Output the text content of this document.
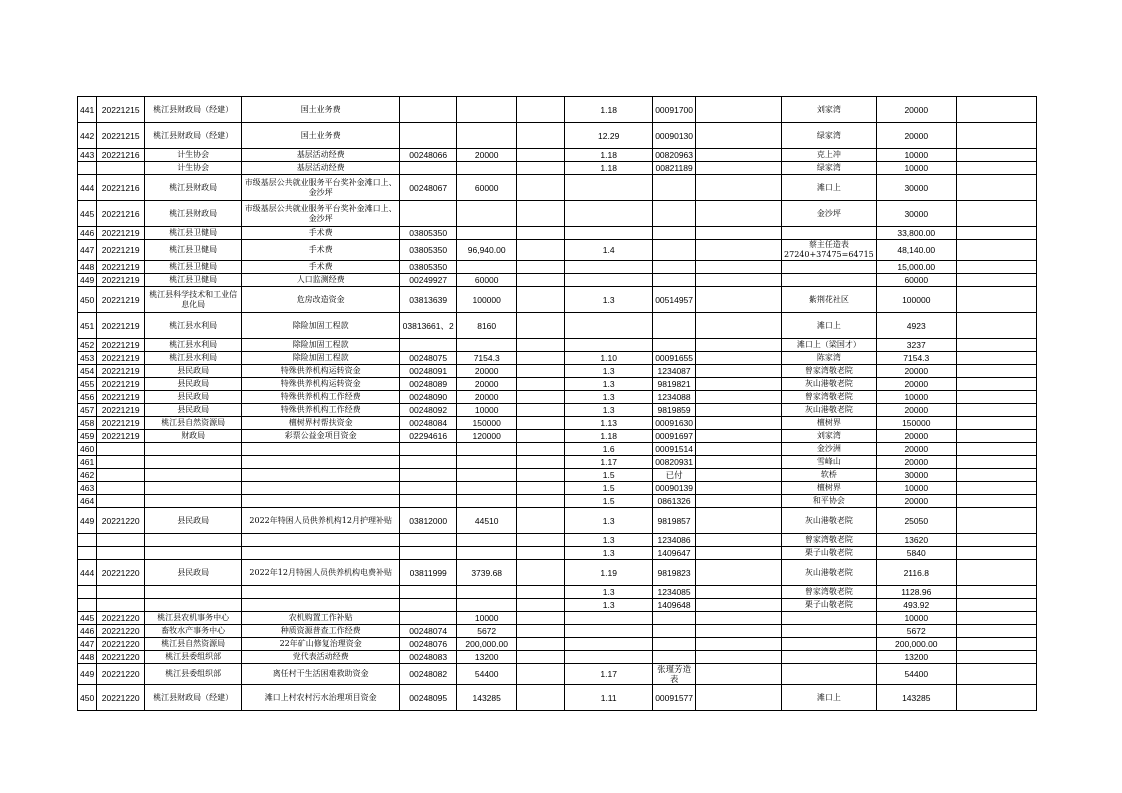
441	20221215	桃江县财政局（经建）	国土业务费				1.18	00091700		刘家湾	20000	
442	20221215	桃江县财政局（经建）	国土业务费				12.29	00090130		绿家湾	20000	
443	20221216	计生协会	基层活动经费	00248066	20000		1.18	00820963		克上冲	10000	
		计生协会	基层活动经费				1.18	00821189		绿家湾	10000	
444	20221216	桃江县财政局	市级基层公共就业服务平台奖补金滩口上、金沙坪	00248067	60000					滩口上	30000	
445	20221216	桃江县财政局	市级基层公共就业服务平台奖补金滩口上、金沙坪							金沙坪	30000	
446	20221219	桃江县卫健局	手术费	03805350							33,800.00	
447	20221219	桃江县卫健局	手术费	03805350	96,940.00		1.4			蔡主任造表 27240+37475=64715	48,140.00	
448	20221219	桃江县卫健局	手术费	03805350							15,000.00	
449	20221219	桃江县卫健局	人口监测经费	00249927	60000						60000	
450	20221219	桃江县科学技术和工业信息化局	危房改造资金	03813639	100000		1.3	00514957		紫荆花社区	100000	
451	20221219	桃江县水利局	除险加固工程款	03813661、2	8160					滩口上	4923	
452	20221219	桃江县水利局	除险加固工程款							滩口上（梁国才）	3237	
453	20221219	桃江县水利局	除险加固工程款	00248075	7154.3		1.10	00091655		陈家湾	7154.3	
454	20221219	县民政局	特殊供养机构运转资金	00248091	20000		1.3	1234087		曾家湾敬老院	20000	
455	20221219	县民政局	特殊供养机构运转资金	00248089	20000		1.3	9819821		灰山港敬老院	20000	
456	20221219	县民政局	特殊供养机构工作经费	00248090	20000		1.3	1234088		曾家湾敬老院	10000	
457	20221219	县民政局	特殊供养机构工作经费	00248092	10000		1.3	9819859		灰山港敬老院	20000	
458	20221219	桃江县自然资源局	檀树界村帮扶资金	00248084	150000		1.13	00091630		檀树界	150000	
459	20221219	财政局	彩票公益金项目资金	02294616	120000		1.18	00091697		刘家湾	20000	
460							1.6	00091514		金沙洲	20000	
461							1.17	00820931		雪峰山	20000	
462							1.5	已付		软桥	30000	
463							1.5	00090139		檀树界	10000	
464							1.5	0861326		和平协会	20000	
449	20221220	县民政局	2022年特困人员供养机构12月护理补贴	03812000	44510		1.3	9819857		灰山港敬老院	25050	
							1.3	1234086		曾家湾敬老院	13620	
							1.3	1409647		栗子山敬老院	5840	
444	20221220	县民政局	2022年12月特困人员供养机构电费补贴	03811999	3739.68		1.19	9819823		灰山港敬老院	2116.8	
							1.3	1234085		曾家湾敬老院	1128.96	
							1.3	1409648		栗子山敬老院	493.92	
445	20221220	桃江县农机事务中心	农机购置工作补贴		10000						10000	
446	20221220	畜牧水产事务中心	种质资源普查工作经费	00248074	5672						5672	
447	20221220	桃江县自然资源局	22年矿山修复治理资金	00248076	200,000.00						200,000.00	
448	20221220	桃江县委组织部	党代表活动经费	00248083	13200						13200	
449	20221220	桃江县委组织部	离任村干生活困难救助资金	00248082	54400		1.17	张瑾芳造表			54400	
450	20221220	桃江县财政局（经建）	滩口上村农村污水治理项目资金	00248095	143285		1.11	00091577		滩口上	143285	
